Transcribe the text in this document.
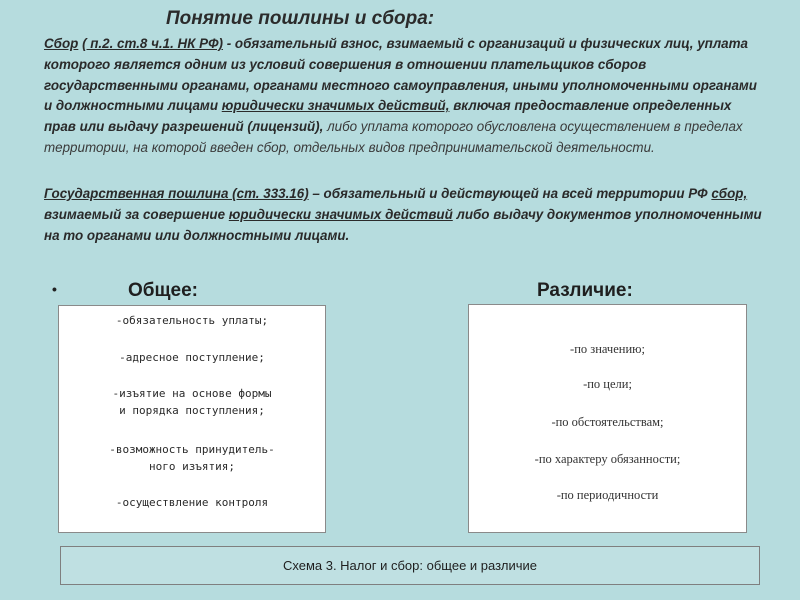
Понятие пошлины и сбора:
Сбор ( п.2. ст.8 ч.1. НК РФ) - обязательный взнос, взимаемый с организаций и физических лиц, уплата которого является одним из условий совершения в отношении плательщиков сборов государственными органами, органами местного самоуправления, иными уполномоченными органами и должностными лицами юридически значимых действий, включая предоставление определенных прав или выдачу разрешений (лицензий), либо уплата которого обусловлена осуществлением в пределах территории, на которой введен сбор, отдельных видов предпринимательской деятельности.
Государственная пошлина (ст. 333.16) – обязательный и действующей на всей территории РФ сбор, взимаемый за совершение юридически значимых действий либо выдачу документов уполномоченными на то органами или должностными лицами.
•	Общее:	Различие:
-обязательность уплаты;
-адресное поступление;
-изъятие на основе формы
и порядка поступления;
-возможность принудитель-
ного изъятия;
-осуществление контроля
-по значению;
-по цели;
-по обстоятельствам;
-по характеру обязанности;
-по периодичности
Схема 3. Налог и сбор: общее и различие
